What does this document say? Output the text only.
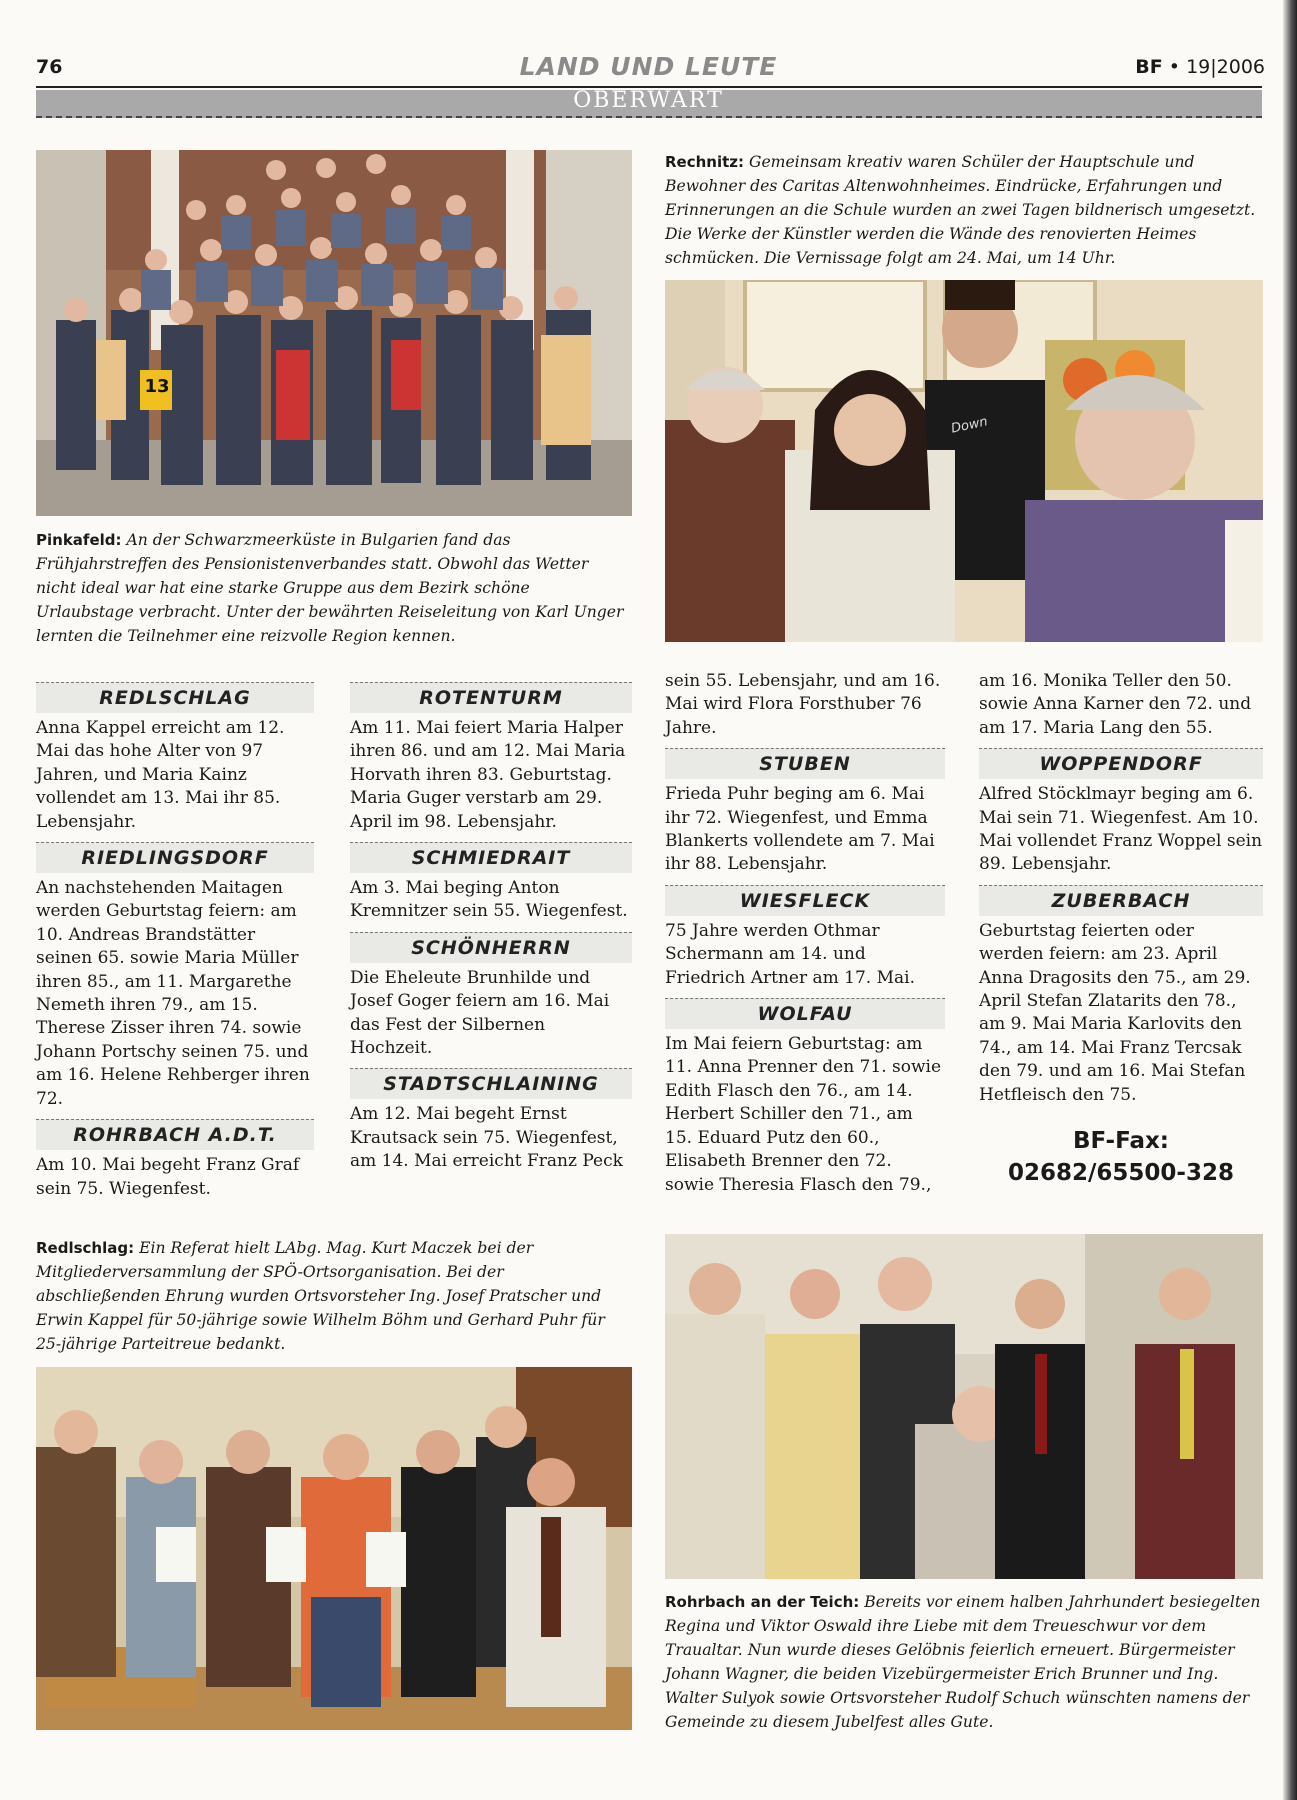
76	LAND UND LEUTE	BF • 19|2006
OBERWART
13
Pinkafeld: An der Schwarzmeerküste in Bulgarien fand das Frühjahrstreffen des Pensionistenverbandes statt. Obwohl das Wetter nicht ideal war hat eine starke Gruppe aus dem Bezirk schöne Urlaubstage verbracht. Unter der bewährten Reiseleitung von Karl Unger lernten die Teilnehmer eine reizvolle Region kennen.
Rechnitz: Gemeinsam kreativ waren Schüler der Hauptschule und Bewohner des Caritas Altenwohnheimes. Eindrücke, Erfahrungen und Erinnerungen an die Schule wurden an zwei Tagen bildnerisch umgesetzt. Die Werke der Künstler werden die Wände des renovierten Heimes schmücken. Die Vernissage folgt am 24. Mai, um 14 Uhr.
Down
REDLSCHLAG

Anna Kappel erreicht am 12. Mai das hohe Alter von 97 Jahren, und Maria Kainz vollendet am 13. Mai ihr 85. Lebensjahr.

RIEDLINGSDORF

An nachstehenden Maitagen werden Geburtstag feiern: am 10. Andreas Brandstätter seinen 65. sowie Maria Müller ihren 85., am 11. Margarethe Nemeth ihren 79., am 15. Therese Zisser ihren 74. sowie Johann Portschy seinen 75. und am 16. Helene Rehberger ihren 72.

ROHRBACH A.D.T.

Am 10. Mai begeht Franz Graf sein 75. Wiegenfest.

ROTENTURM

Am 11. Mai feiert Maria Halper ihren 86. und am 12. Mai Maria Horvath ihren 83. Geburtstag.

Maria Guger verstarb am 29. April im 98. Lebensjahr.

SCHMIEDRAIT

Am 3. Mai beging Anton Kremnitzer sein 55. Wiegenfest.

SCHÖNHERRN

Die Eheleute Brunhilde und Josef Goger feiern am 16. Mai das Fest der Silbernen Hochzeit.

STADTSCHLAINING

Am 12. Mai begeht Ernst Krautsack sein 75. Wiegenfest, am 14. Mai erreicht Franz Peck

sein 55. Lebensjahr, und am 16. Mai wird Flora Forsthuber 76 Jahre.

STUBEN

Frieda Puhr beging am 6. Mai ihr 72. Wiegenfest, und Emma Blankerts vollendete am 7. Mai ihr 88. Lebensjahr.

WIESFLECK

75 Jahre werden Othmar Schermann am 14. und Friedrich Artner am 17. Mai.

WOLFAU

Im Mai feiern Geburtstag: am 11. Anna Prenner den 71. sowie Edith Flasch den 76., am 14. Herbert Schiller den 71., am 15. Eduard Putz den 60., Elisabeth Brenner den 72. sowie Theresia Flasch den 79.,

am 16. Monika Teller den 50. sowie Anna Karner den 72. und am 17. Maria Lang den 55.

WOPPENDORF

Alfred Stöcklmayr beging am 6. Mai sein 71. Wiegenfest. Am 10. Mai vollendet Franz Woppel sein 89. Lebensjahr.

ZUBERBACH

Geburtstag feierten oder werden feiern: am 23. April Anna Dragosits den 75., am 29. April Stefan Zlatarits den 78., am 9. Mai Maria Karlovits den 74., am 14. Mai Franz Tercsak den 79. und am 16. Mai Stefan Hetfleisch den 75.

BF-Fax:
02682/65500-328
Redlschlag: Ein Referat hielt LAbg. Mag. Kurt Maczek bei der Mitgliederversammlung der SPÖ-Ortsorganisation. Bei der abschließenden Ehrung wurden Ortsvorsteher Ing. Josef Pratscher und Erwin Kappel für 50-jährige sowie Wilhelm Böhm und Gerhard Puhr für 25-jährige Parteitreue bedankt.
Rohrbach an der Teich: Bereits vor einem halben Jahrhundert besiegelten Regina und Viktor Oswald ihre Liebe mit dem Treueschwur vor dem Traualtar. Nun wurde dieses Gelöbnis feierlich erneuert. Bürgermeister Johann Wagner, die beiden Vizebürgermeister Erich Brunner und Ing. Walter Sulyok sowie Ortsvorsteher Rudolf Schuch wünschten namens der Gemeinde zu diesem Jubelfest alles Gute.
